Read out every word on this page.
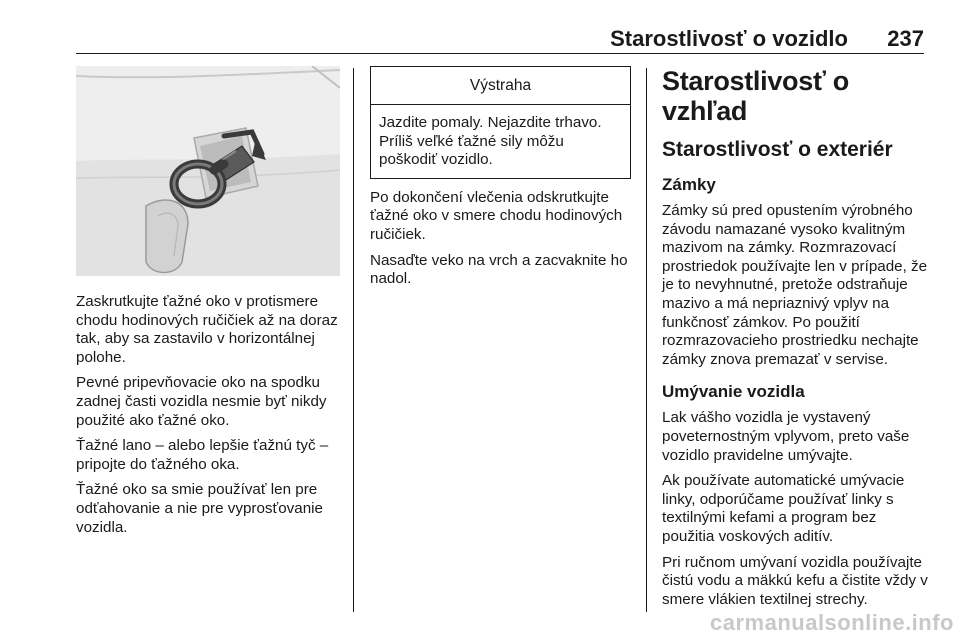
Starostlivosť o vozidlo 237

Zaskrutkujte ťažné oko v protismere chodu hodinových ručičiek až na doraz tak, aby sa zastavilo v horizontálnej polohe.

Pevné pripevňovacie oko na spodku zadnej časti vozidla nesmie byť nikdy použité ako ťažné oko.

Ťažné lano – alebo lepšie ťažnú tyč – pripojte do ťažného oka.

Ťažné oko sa smie používať len pre odťahovanie a nie pre vyprosťovanie vozidla.

Výstraha
Jazdite pomaly. Nejazdite trhavo. Príliš veľké ťažné sily môžu poškodiť vozidlo.

Po dokončení vlečenia odskrutkujte ťažné oko v smere chodu hodinových ručičiek.

Nasaďte veko na vrch a zacvaknite ho nadol.

Starostlivosť o vzhľad
Starostlivosť o exteriér
Zámky

Zámky sú pred opustením výrobného závodu namazané vysoko kvalitným mazivom na zámky. Rozmrazovací prostriedok používajte len v prípade, že je to nevyhnutné, pretože odstraňuje mazivo a má nepriaznivý vplyv na funkčnosť zámkov. Po použití rozmrazovacieho prostriedku nechajte zámky znova premazať v servise.

Umývanie vozidla

Lak vášho vozidla je vystavený poveternostným vplyvom, preto vaše vozidlo pravidelne umývajte.

Ak používate automatické umývacie linky, odporúčame používať linky s textilnými kefami a program bez použitia voskových aditív.

Pri ručnom umývaní vozidla používajte čistú vodu a mäkkú kefu a čistite vždy v smere vlákien textilnej strechy.

carmanualsonline.info
